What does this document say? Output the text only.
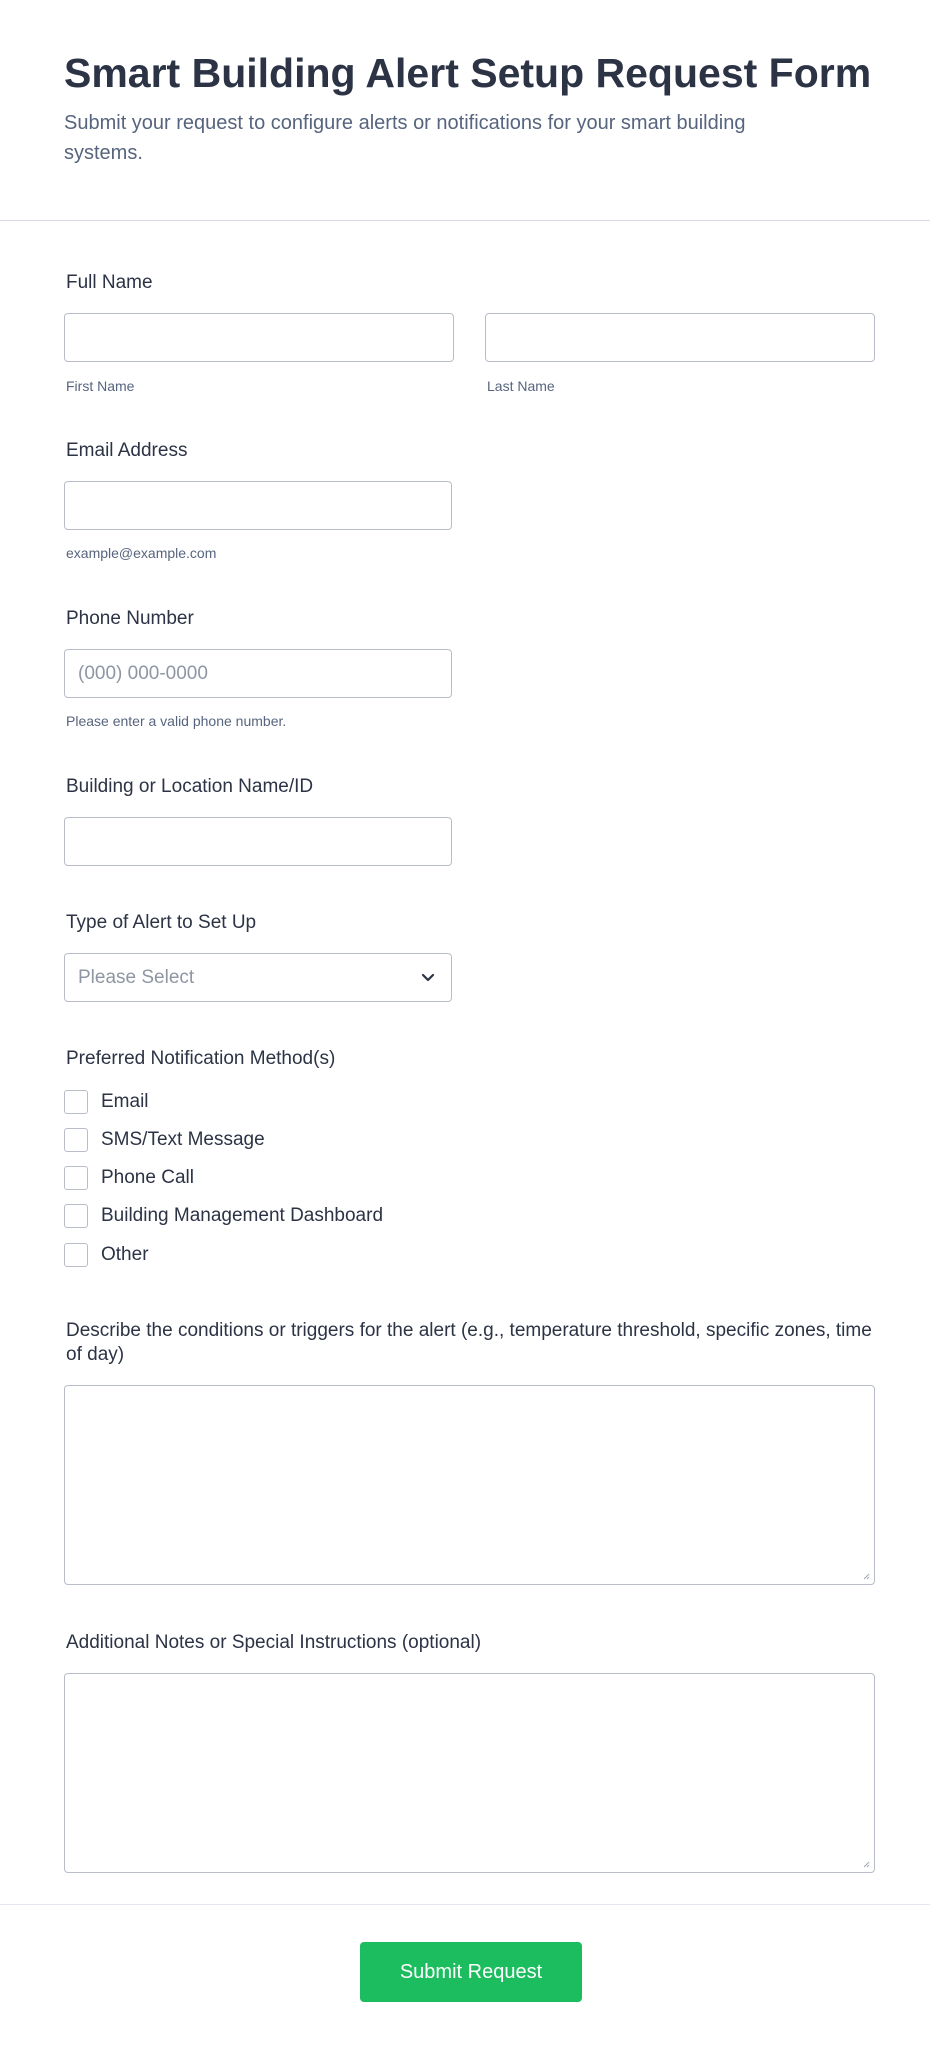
Smart Building Alert Setup Request Form
Submit your request to configure alerts or notifications for your smart building systems.
Full Name
First Name	Last Name
Email Address
example@example.com
Phone Number
(000) 000-0000
Please enter a valid phone number.
Building or Location Name/ID
Type of Alert to Set Up
Please Select
Preferred Notification Method(s)
Email
SMS/Text Message
Phone Call
Building Management Dashboard
Other
Describe the conditions or triggers for the alert (e.g., temperature threshold, specific zones, time of day)
Additional Notes or Special Instructions (optional)
Submit Request
